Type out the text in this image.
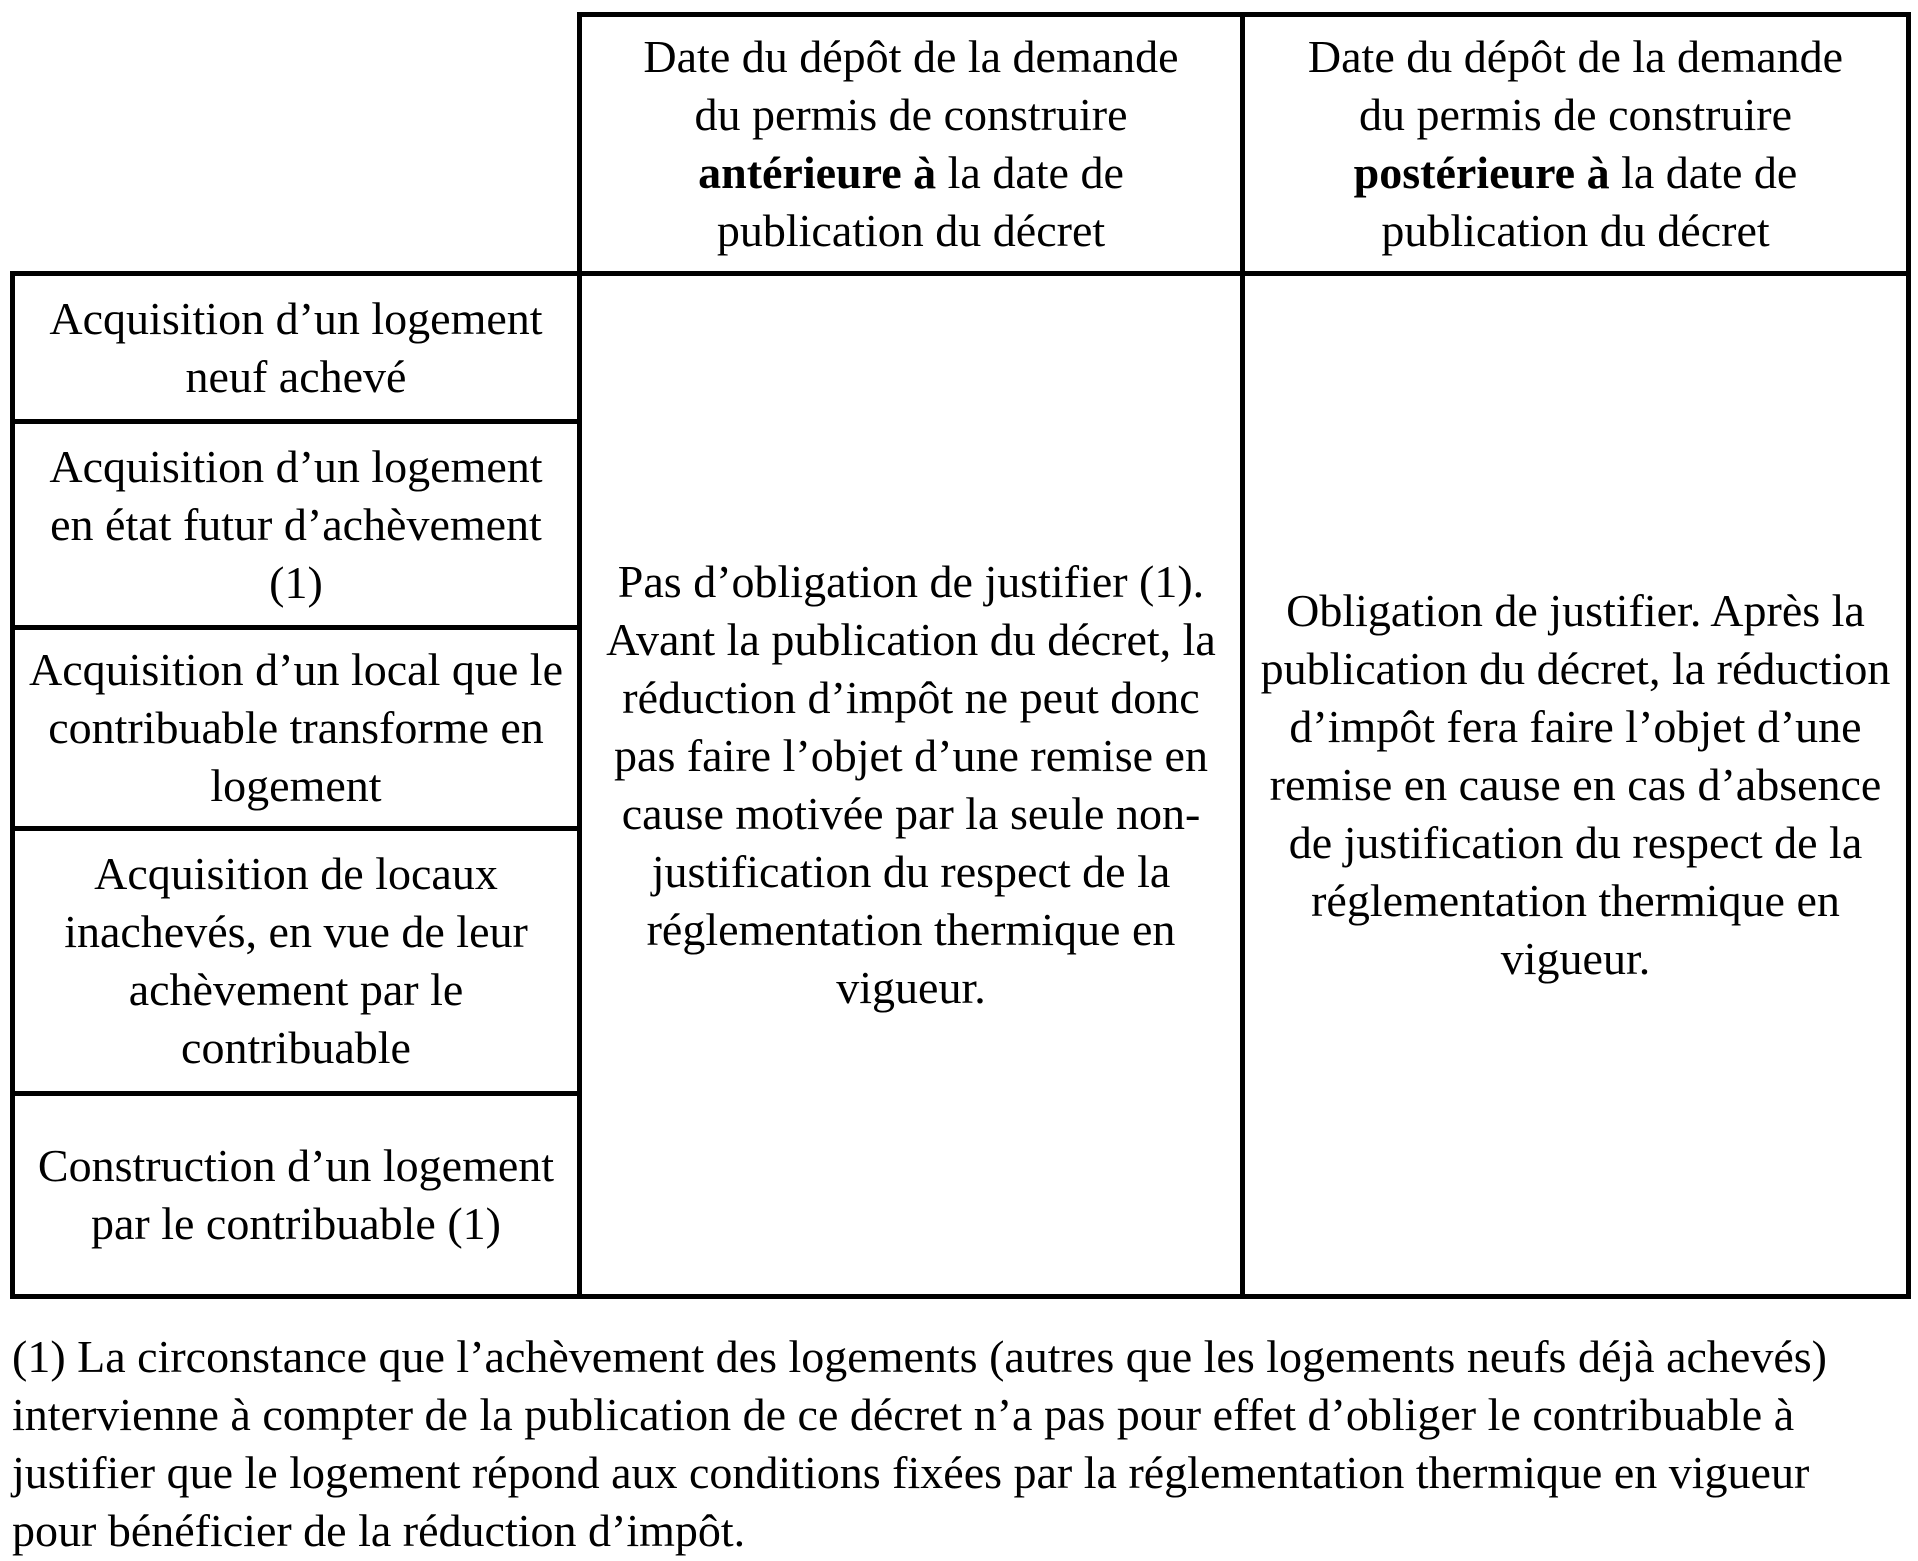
Date du dépôt de la demande
du permis de construire
antérieure à la date de
publication du décret
Date du dépôt de la demande
du permis de construire
postérieure à la date de
publication du décret
Acquisition d’un logement neuf achevé
Acquisition d’un logement en état futur d’achèvement (1)
Acquisition d’un local que le contribuable transforme en logement
Acquisition de locaux inachevés, en vue de leur achèvement par le contribuable
Construction d’un logement par le contribuable (1)
Pas d’obligation de justifier (1). Avant la publication du décret, la réduction d’impôt ne peut donc pas faire l’objet d’une remise en cause motivée par la seule non-justification du respect de la réglementation thermique en vigueur.
Obligation de justifier. Après la publication du décret, la réduction d’impôt fera faire l’objet d’une remise en cause en cas d’absence de justification du respect de la réglementation thermique en vigueur.
(1) La circonstance que l’achèvement des logements (autres que les logements neufs déjà achevés) intervienne à compter de la publication de ce décret n’a pas pour effet d’obliger le contribuable à justifier que le logement répond aux conditions fixées par la réglementation thermique en vigueur pour bénéficier de la réduction d’impôt.
